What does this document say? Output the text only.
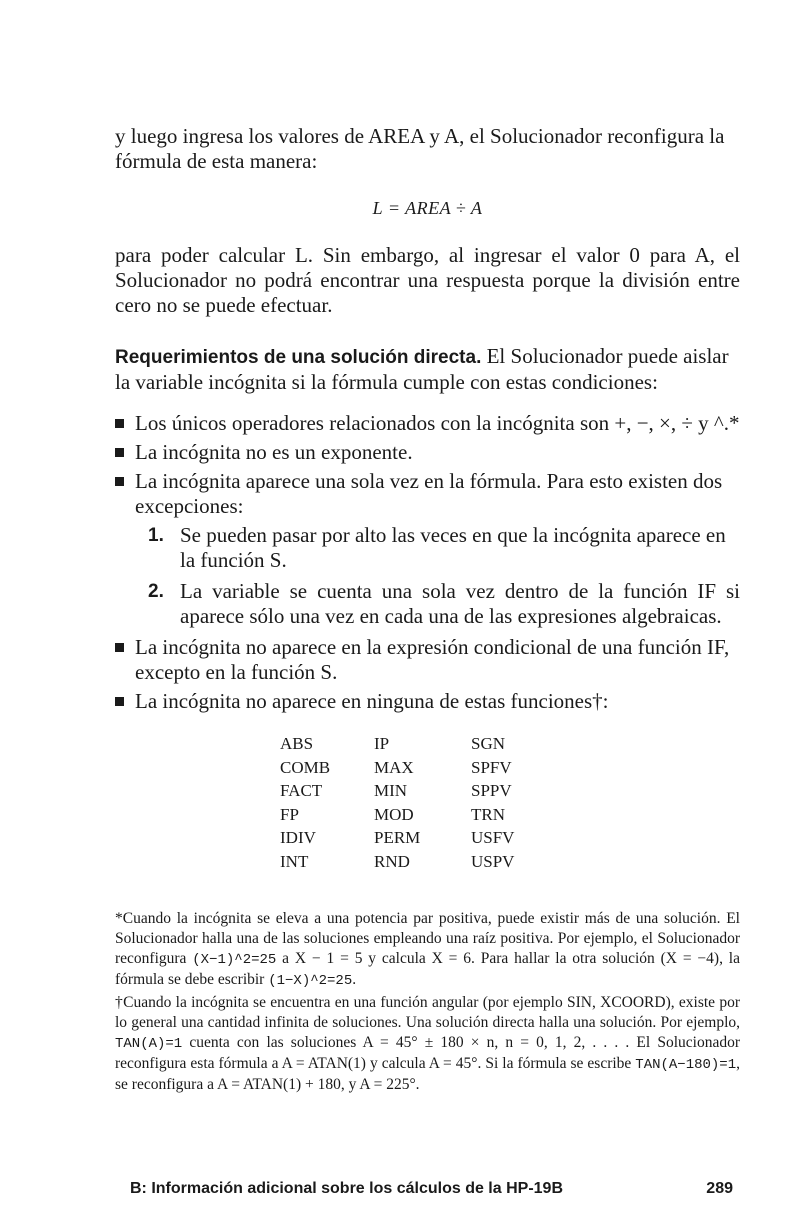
y luego ingresa los valores de AREA y A, el Solucionador reconfigura la fórmula de esta manera:

L = AREA ÷ A

para poder calcular L. Sin embargo, al ingresar el valor 0 para A, el Solucionador no podrá encontrar una respuesta porque la división entre cero no se puede efectuar.

Requerimientos de una solución directa. El Solucionador puede aislar la variable incógnita si la fórmula cumple con estas condiciones:

Los únicos operadores relacionados con la incógnita son +, −, ×, ÷ y ^.*
La incógnita no es un exponente.
La incógnita aparece una sola vez en la fórmula. Para esto existen dos excepciones:
1. Se pueden pasar por alto las veces en que la incógnita aparece en la función S.
2. La variable se cuenta una sola vez dentro de la función IF si aparece sólo una vez en cada una de las expresiones algebraicas.
La incógnita no aparece en la expresión condicional de una función IF, excepto en la función S.
La incógnita no aparece en ninguna de estas funciones†:
ABS	IP	SGN
COMB	MAX	SPFV
FACT	MIN	SPPV
FP	MOD	TRN
IDIV	PERM	USFV
INT	RND	USPV

*Cuando la incógnita se eleva a una potencia par positiva, puede existir más de una solución. El Solucionador halla una de las soluciones empleando una raíz positiva. Por ejemplo, el Solucionador reconfigura (X−1)^2=25 a X − 1 = 5 y calcula X = 6. Para hallar la otra solución (X = −4), la fórmula se debe escribir (1−X)^2=25.

†Cuando la incógnita se encuentra en una función angular (por ejemplo SIN, XCOORD), existe por lo general una cantidad infinita de soluciones. Una solución directa halla una solución. Por ejemplo, TAN(A)=1 cuenta con las soluciones A = 45° ± 180 × n, n = 0, 1, 2, . . . . El Solucionador reconfigura esta fórmula a A = ATAN(1) y calcula A = 45°. Si la fórmula se escribe TAN(A−180)=1, se reconfigura a A = ATAN(1) + 180, y A = 225°.

B: Información adicional sobre los cálculos de la HP-19B	289
